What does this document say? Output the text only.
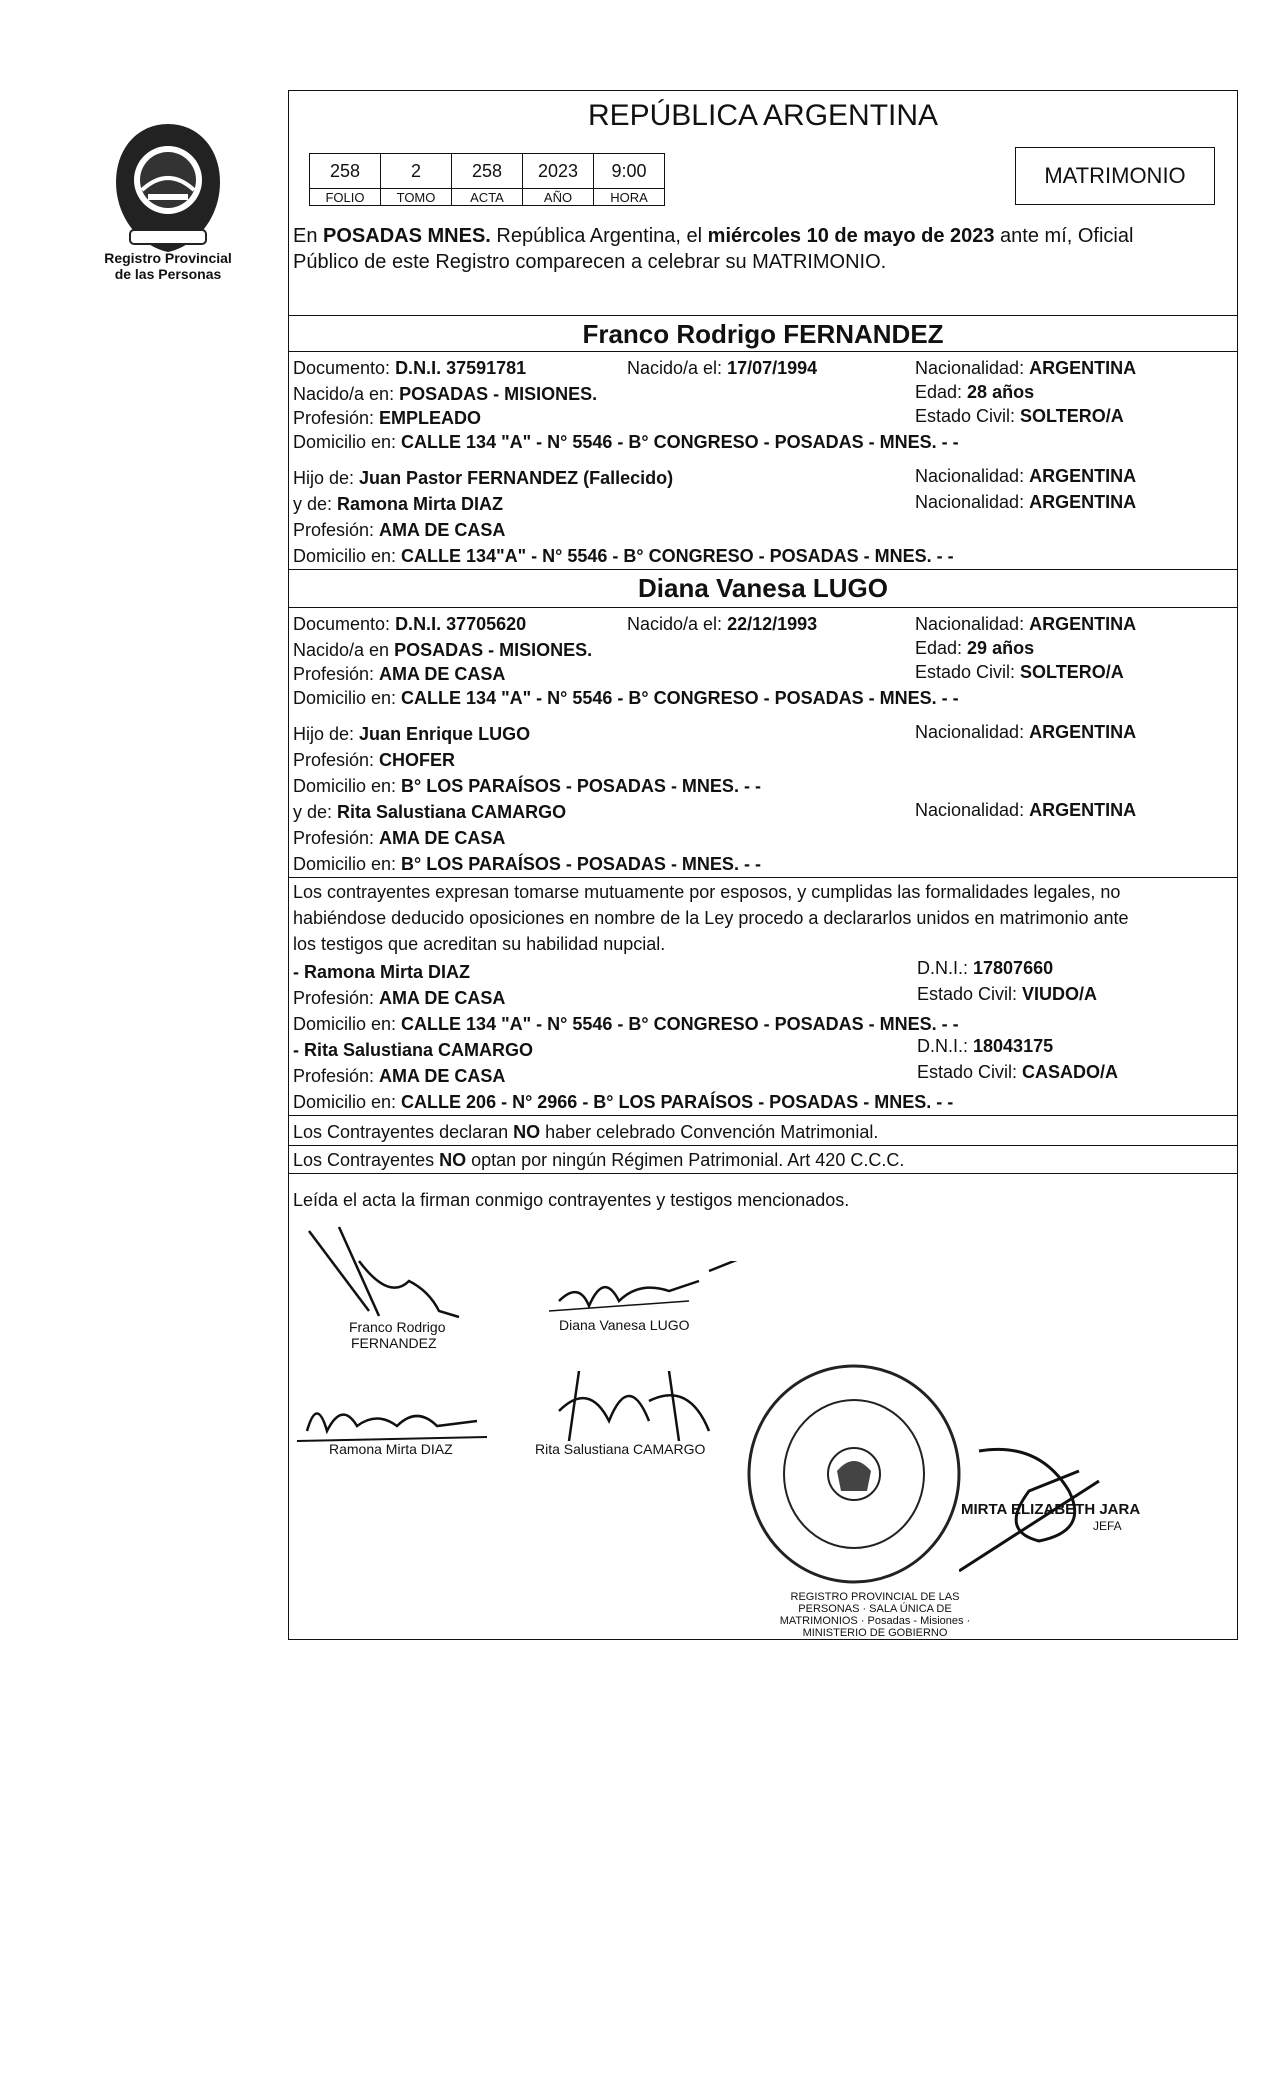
Registro Provincial
de las Personas
REPÚBLICA ARGENTINA
258	2	258	2023	9:00
FOLIO	TOMO	ACTA	AÑO	HORA
MATRIMONIO
En POSADAS MNES. República Argentina, el miércoles 10 de mayo de 2023 ante mí, Oficial
Público de este Registro comparecen a celebrar su MATRIMONIO.
Franco Rodrigo FERNANDEZ
Documento: D.N.I. 37591781	Nacido/a el: 17/07/1994	Nacionalidad: ARGENTINA
Nacido/a en: POSADAS - MISIONES.	Edad: 28 años
Profesión: EMPLEADO	Estado Civil: SOLTERO/A
Domicilio en: CALLE 134 "A" - N° 5546 - B° CONGRESO - POSADAS - MNES. - -
Hijo de: Juan Pastor FERNANDEZ (Fallecido)	Nacionalidad: ARGENTINA
y de: Ramona Mirta DIAZ	Nacionalidad: ARGENTINA
Profesión: AMA DE CASA
Domicilio en: CALLE 134"A" - N° 5546 - B° CONGRESO - POSADAS - MNES. - -
Diana Vanesa LUGO
Documento: D.N.I. 37705620	Nacido/a el: 22/12/1993	Nacionalidad: ARGENTINA
Nacido/a en POSADAS - MISIONES.	Edad: 29 años
Profesión: AMA DE CASA	Estado Civil: SOLTERO/A
Domicilio en: CALLE 134 "A" - N° 5546 - B° CONGRESO - POSADAS - MNES. - -
Hijo de: Juan Enrique LUGO	Nacionalidad: ARGENTINA
Profesión: CHOFER
Domicilio en: B° LOS PARAÍSOS - POSADAS - MNES. - -
y de: Rita Salustiana CAMARGO	Nacionalidad: ARGENTINA
Profesión: AMA DE CASA
Domicilio en: B° LOS PARAÍSOS - POSADAS - MNES. - -
Los contrayentes expresan tomarse mutuamente por esposos, y cumplidas las formalidades legales, no
habiéndose deducido oposiciones en nombre de la Ley procedo a declararlos unidos en matrimonio ante
los testigos que acreditan su habilidad nupcial.
- Ramona Mirta DIAZ	D.N.I.: 17807660
Profesión: AMA DE CASA	Estado Civil: VIUDO/A
Domicilio en: CALLE 134 "A" - N° 5546 - B° CONGRESO - POSADAS - MNES. - -
- Rita Salustiana CAMARGO	D.N.I.: 18043175
Profesión: AMA DE CASA	Estado Civil: CASADO/A
Domicilio en: CALLE 206 - N° 2966 - B° LOS PARAÍSOS - POSADAS - MNES. - -
Los Contrayentes declaran NO haber celebrado Convención Matrimonial.
Los Contrayentes NO optan por ningún Régimen Patrimonial. Art 420 C.C.C.
Leída el acta la firman conmigo contrayentes y testigos mencionados.
Franco Rodrigo
FERNANDEZ
Diana Vanesa LUGO
Ramona Mirta DIAZ	Rita Salustiana CAMARGO
REGISTRO PROVINCIAL DE LAS PERSONAS · SALA ÚNICA DE MATRIMONIOS · Posadas - Misiones · MINISTERIO DE GOBIERNO
MIRTA ELIZABETH JARA
JEFA
